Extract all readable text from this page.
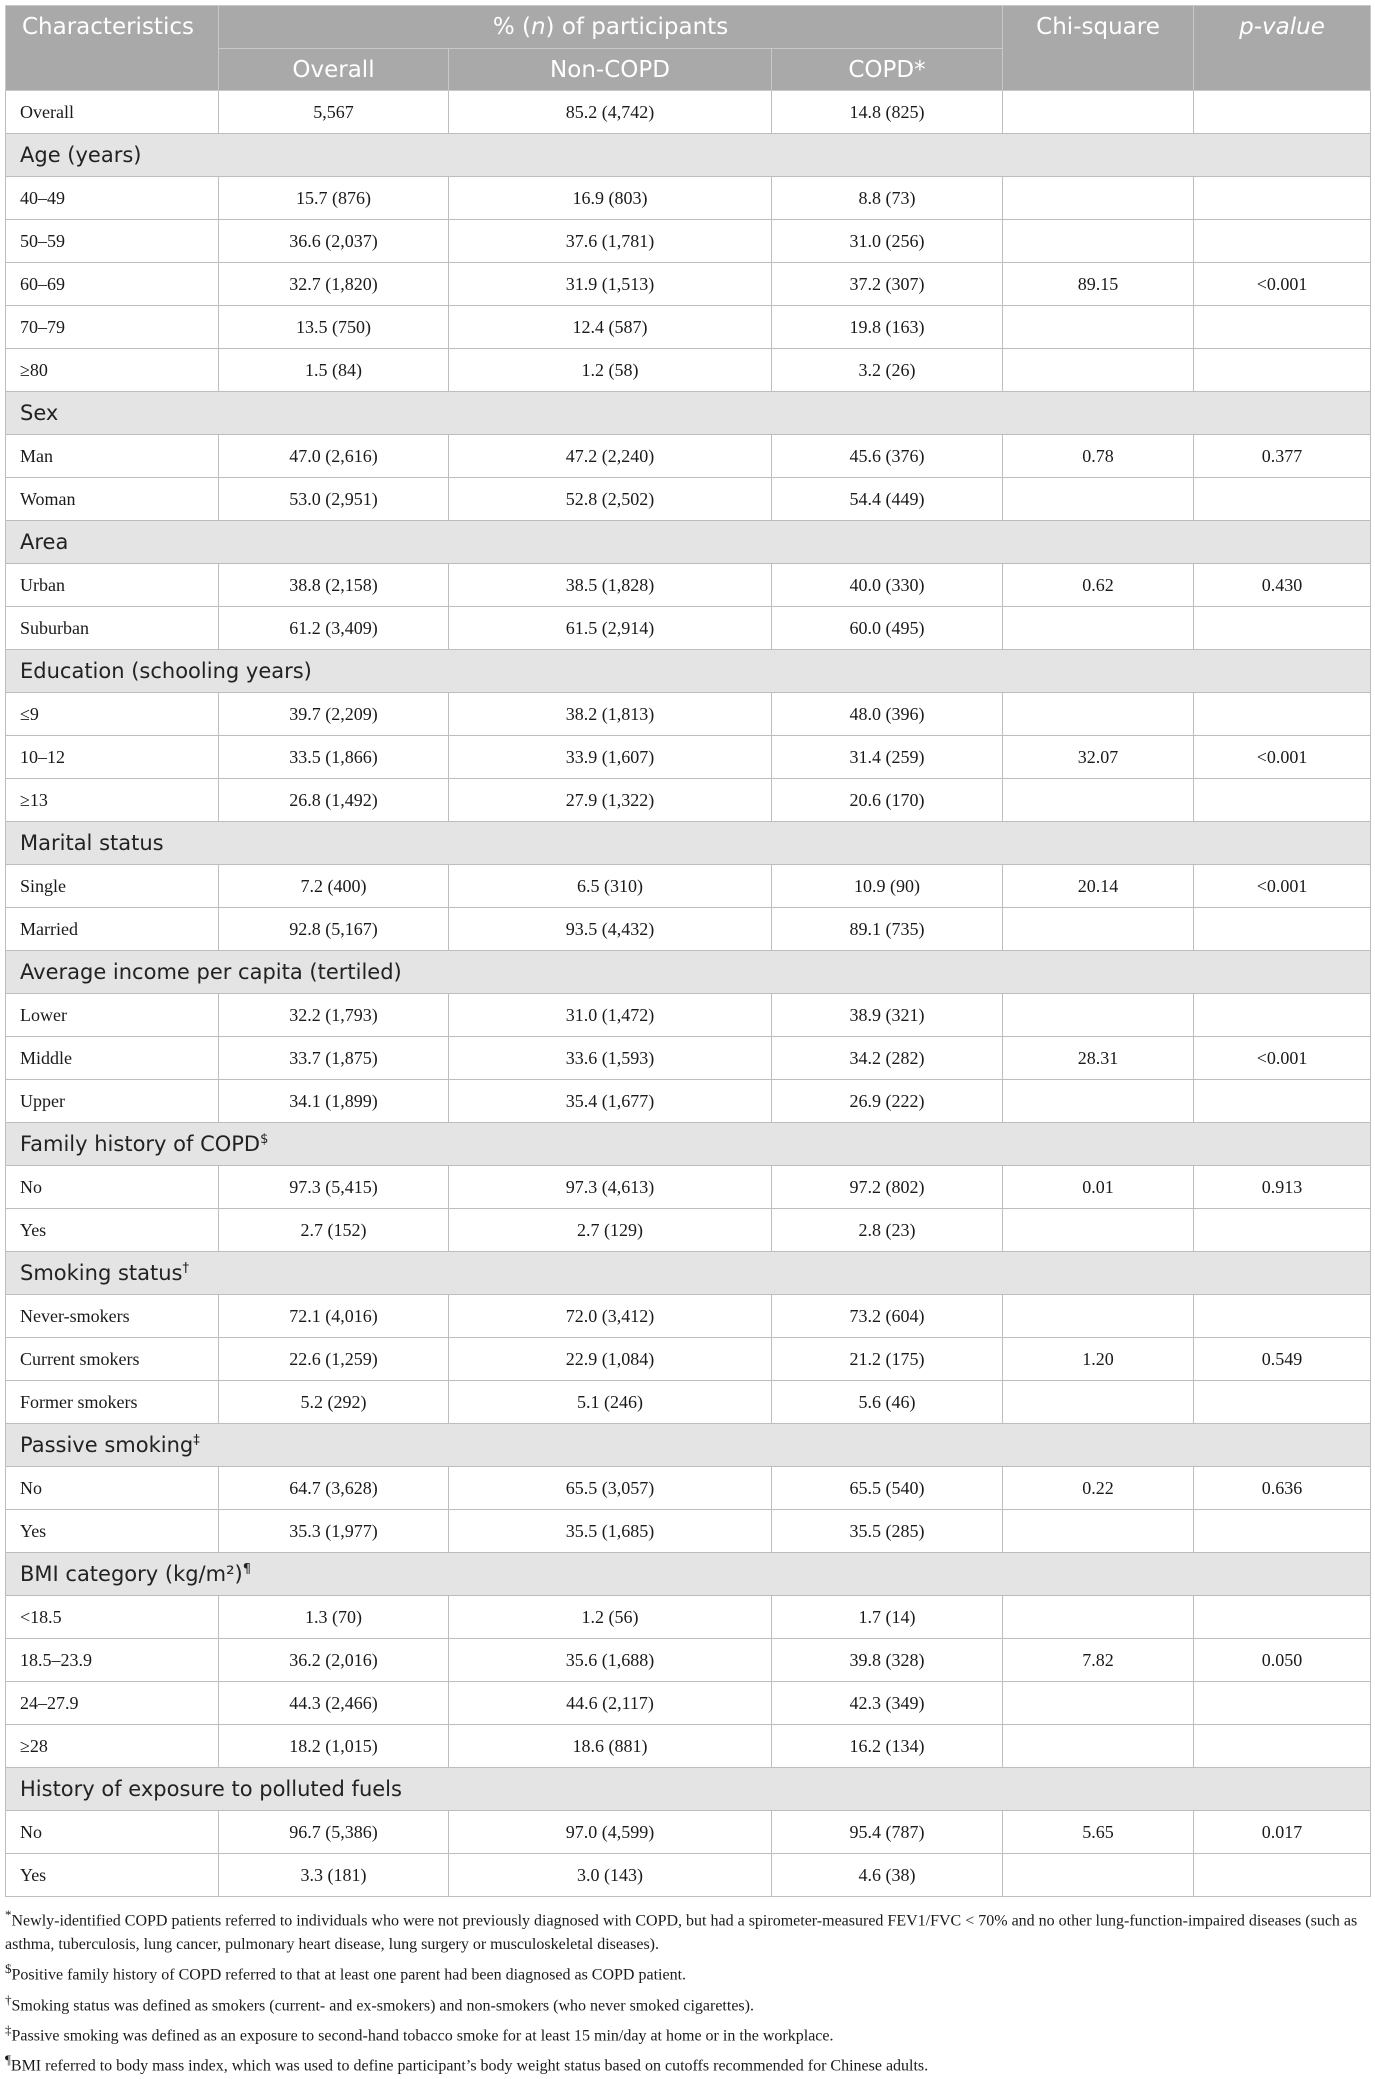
Characteristics	% (n) of participants			Chi-square	p-value
	Overall	Non-COPD	COPD*		
Overall	5,567	85.2 (4,742)	14.8 (825)		
Age (years)					
40–49	15.7 (876)	16.9 (803)	8.8 (73)		
50–59	36.6 (2,037)	37.6 (1,781)	31.0 (256)		
60–69	32.7 (1,820)	31.9 (1,513)	37.2 (307)	89.15	<0.001
70–79	13.5 (750)	12.4 (587)	19.8 (163)		
≥80	1.5 (84)	1.2 (58)	3.2 (26)		
Sex					
Man	47.0 (2,616)	47.2 (2,240)	45.6 (376)	0.78	0.377
Woman	53.0 (2,951)	52.8 (2,502)	54.4 (449)		
Area					
Urban	38.8 (2,158)	38.5 (1,828)	40.0 (330)	0.62	0.430
Suburban	61.2 (3,409)	61.5 (2,914)	60.0 (495)		
Education (schooling years)					
≤9	39.7 (2,209)	38.2 (1,813)	48.0 (396)		
10–12	33.5 (1,866)	33.9 (1,607)	31.4 (259)	32.07	<0.001
≥13	26.8 (1,492)	27.9 (1,322)	20.6 (170)		
Marital status					
Single	7.2 (400)	6.5 (310)	10.9 (90)	20.14	<0.001
Married	92.8 (5,167)	93.5 (4,432)	89.1 (735)		
Average income per capita (tertiled)					
Lower	32.2 (1,793)	31.0 (1,472)	38.9 (321)		
Middle	33.7 (1,875)	33.6 (1,593)	34.2 (282)	28.31	<0.001
Upper	34.1 (1,899)	35.4 (1,677)	26.9 (222)		
Family history of COPD$
No	97.3 (5,415)	97.3 (4,613)	97.2 (802)	0.01	0.913
Yes	2.7 (152)	2.7 (129)	2.8 (23)		
Smoking status†
Never-smokers	72.1 (4,016)	72.0 (3,412)	73.2 (604)		
Current smokers	22.6 (1,259)	22.9 (1,084)	21.2 (175)	1.20	0.549
Former smokers	5.2 (292)	5.1 (246)	5.6 (46)		
Passive smoking‡
No	64.7 (3,628)	65.5 (3,057)	65.5 (540)	0.22	0.636
Yes	35.3 (1,977)	35.5 (1,685)	35.5 (285)		
BMI category (kg/m²)¶
<18.5	1.3 (70)	1.2 (56)	1.7 (14)		
18.5–23.9	36.2 (2,016)	35.6 (1,688)	39.8 (328)	7.82	0.050
24–27.9	44.3 (2,466)	44.6 (2,117)	42.3 (349)		
≥28	18.2 (1,015)	18.6 (881)	16.2 (134)		
History of exposure to polluted fuels					
No	96.7 (5,386)	97.0 (4,599)	95.4 (787)	5.65	0.017
Yes	3.3 (181)	3.0 (143)	4.6 (38)		
*Newly-identified COPD patients referred to individuals who were not previously diagnosed with COPD, but had a spirometer-measured FEV1/FVC < 70% and no other lung-function-impaired diseases (such as asthma, tuberculosis, lung cancer, pulmonary heart disease, lung surgery or musculoskeletal diseases).
$Positive family history of COPD referred to that at least one parent had been diagnosed as COPD patient.
†Smoking status was defined as smokers (current- and ex-smokers) and non-smokers (who never smoked cigarettes).
‡Passive smoking was defined as an exposure to second-hand tobacco smoke for at least 15 min/day at home or in the workplace.
¶BMI referred to body mass index, which was used to define participant’s body weight status based on cutoffs recommended for Chinese adults.
